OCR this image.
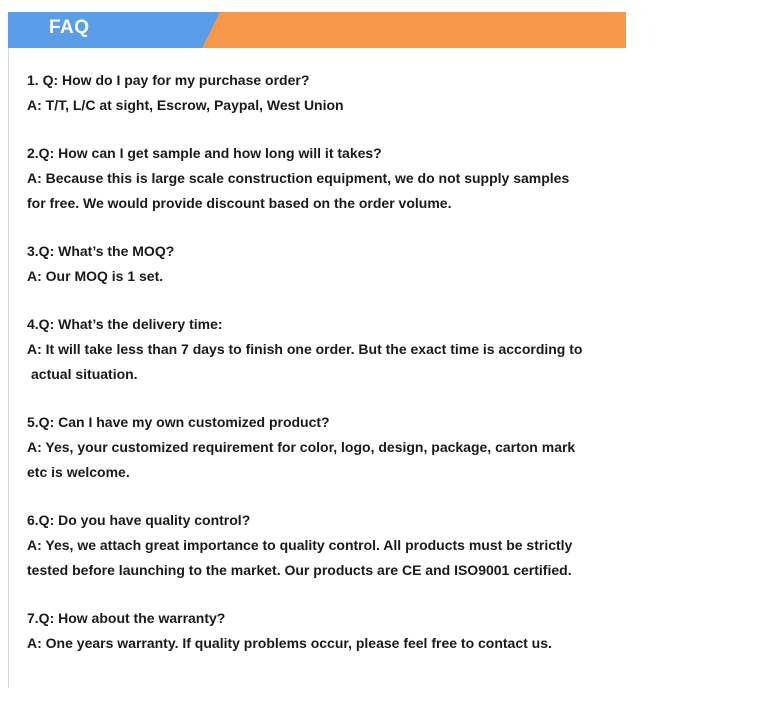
FAQ
1. Q: How do I pay for my purchase order?
A: T/T, L/C at sight, Escrow, Paypal, West Union
2.Q: How can I get sample and how long will it takes?
A: Because this is large scale construction equipment, we do not supply samples
for free. We would provide discount based on the order volume.
3.Q: What’s the MOQ?
A: Our MOQ is 1 set.
4.Q: What’s the delivery time:
A: It will take less than 7 days to finish one order. But the exact time is according to
actual situation.
5.Q: Can I have my own customized product?
A: Yes, your customized requirement for color, logo, design, package, carton mark
etc is welcome.
6.Q: Do you have quality control?
A: Yes, we attach great importance to quality control. All products must be strictly
tested before launching to the market. Our products are CE and ISO9001 certified.
7.Q: How about the warranty?
A: One years warranty. If quality problems occur, please feel free to contact us.
